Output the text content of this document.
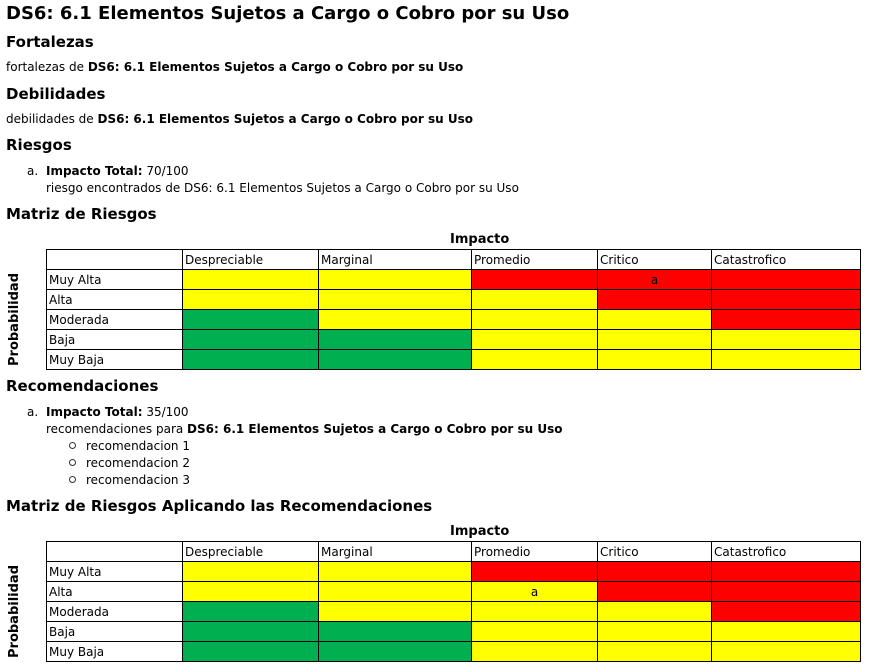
DS6: 6.1 Elementos Sujetos a Cargo o Cobro por su Uso
Fortalezas
fortalezas de DS6: 6.1 Elementos Sujetos a Cargo o Cobro por su Uso
Debilidades
debilidades de DS6: 6.1 Elementos Sujetos a Cargo o Cobro por su Uso
Riesgos
a. Impacto Total: 70/100
riesgo encontrados de DS6: 6.1 Elementos Sujetos a Cargo o Cobro por su Uso
Matriz de Riesgos
Impacto
Probabilidad
	Despreciable	Marginal	Promedio	Critico	Catastrofico
Muy Alta				a	
Alta					
Moderada					
Baja					
Muy Baja					
Recomendaciones
a. Impacto Total: 35/100
recomendaciones para DS6: 6.1 Elementos Sujetos a Cargo o Cobro por su Uso
recomendacion 1
recomendacion 2
recomendacion 3
Matriz de Riesgos Aplicando las Recomendaciones
Impacto
Probabilidad
	Despreciable	Marginal	Promedio	Critico	Catastrofico
Muy Alta					
Alta			a		
Moderada					
Baja					
Muy Baja					
